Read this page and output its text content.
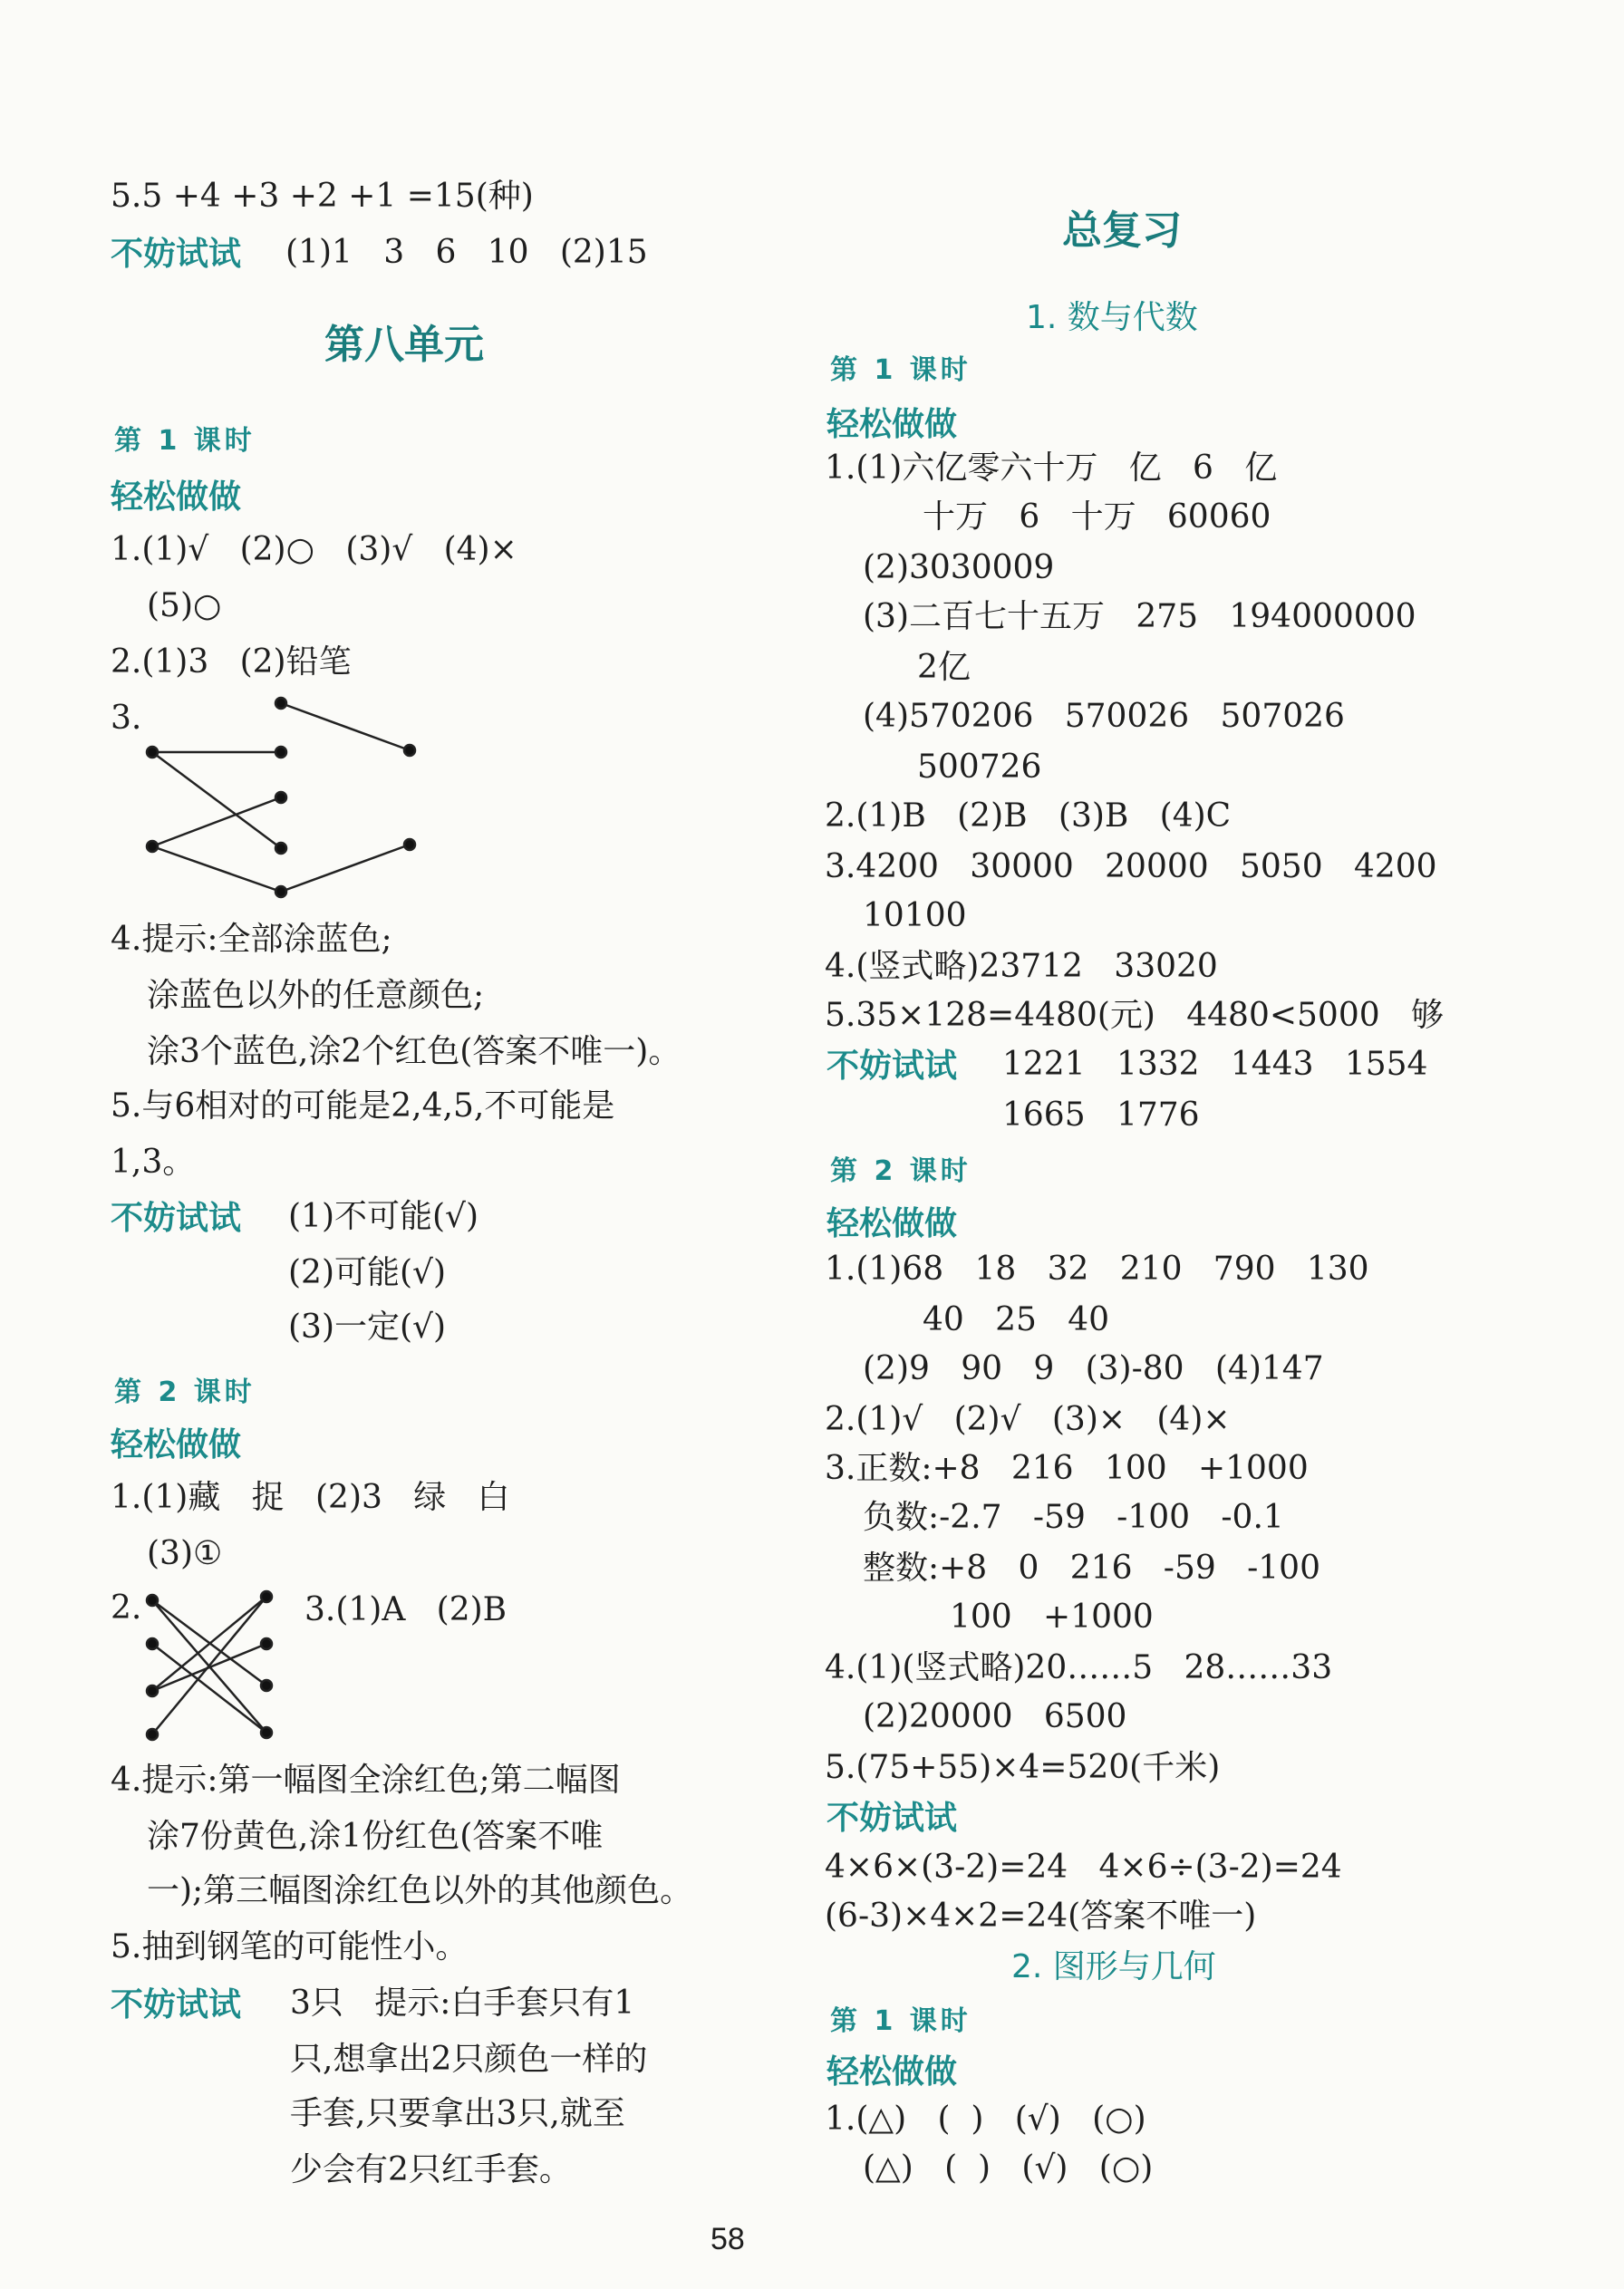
5.5 +4 +3 +2 +1 =15(种)
不妨试试 (1)1   3   6   10   (2)15
第八单元
第 1 课时
轻松做做
1.(1)√   (2)○   (3)√   (4)×
(5)○
2.(1)3   (2)铅笔
3.
4.提示:全部涂蓝色;
涂蓝色以外的任意颜色;
涂3个蓝色,涂2个红色(答案不唯一)。
5.与6相对的可能是2,4,5,不可能是
1,3。
不妨试试 (1)不可能(√)
(2)可能(√)
(3)一定(√)
第 2 课时
轻松做做
1.(1)藏   捉   (2)3   绿   白
(3)①
2.	3.(1)A   (2)B
4.提示:第一幅图全涂红色;第二幅图
涂7份黄色,涂1份红色(答案不唯
一);第三幅图涂红色以外的其他颜色。
5.抽到钢笔的可能性小。
不妨试试 3只   提示:白手套只有1
只,想拿出2只颜色一样的
手套,只要拿出3只,就至
少会有2只红手套。
总复习
1. 数与代数
第 1 课时
轻松做做
1.(1)六亿零六十万   亿   6   亿
十万   6   十万   60060
(2)3030009
(3)二百七十五万   275   194000000
2亿
(4)570206   570026   507026
500726
2.(1)B   (2)B   (3)B   (4)C
3.4200   30000   20000   5050   4200
10100
4.(竖式略)23712   33020
5.35×128=4480(元)   4480<5000   够
不妨试试 1221   1332   1443   1554
1665   1776
第 2 课时
轻松做做
1.(1)68   18   32   210   790   130
40   25   40
(2)9   90   9   (3)-80   (4)147
2.(1)√   (2)√   (3)×   (4)×
3.正数:+8   216   100   +1000
负数:-2.7   -59   -100   -0.1
整数:+8   0   216   -59   -100
100   +1000
4.(1)(竖式略)20……5   28……33
(2)20000   6500
5.(75+55)×4=520(千米)
不妨试试
4×6×(3-2)=24   4×6÷(3-2)=24
(6-3)×4×2=24(答案不唯一)
2. 图形与几何
第 1 课时
轻松做做
1.(△)   (  )   (√)   (○)
(△)   (  )   (√)   (○)
58
